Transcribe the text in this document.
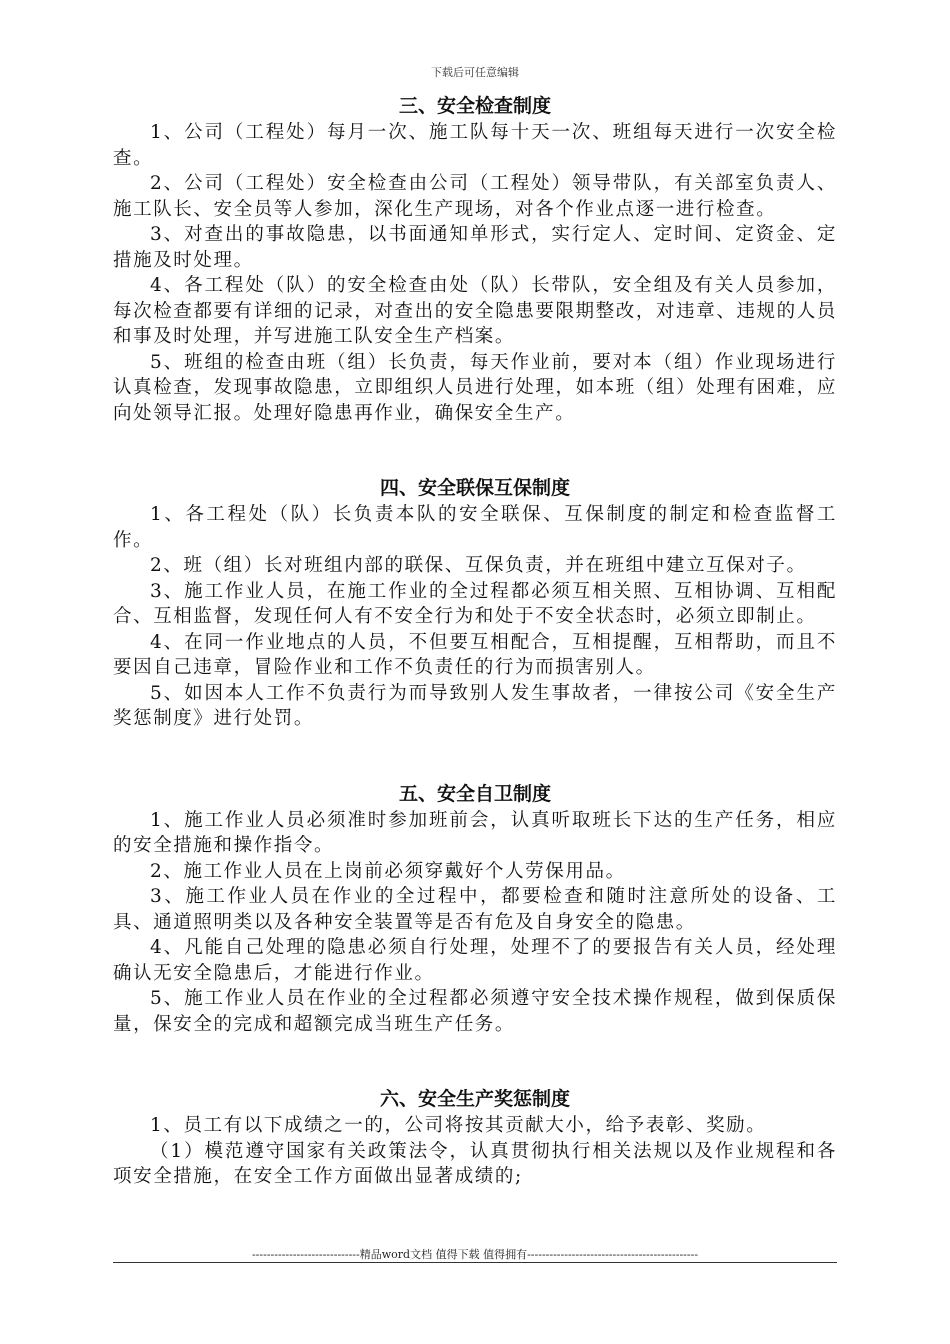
下载后可任意编辑
三、安全检查制度

1、公司（工程处）每月一次、施工队每十天一次、班组每天进行一次安全检查。

2、公司（工程处）安全检查由公司（工程处）领导带队，有关部室负责人、施工队长、安全员等人参加，深化生产现场，对各个作业点逐一进行检查。

3、对查出的事故隐患，以书面通知单形式，实行定人、定时间、定资金、定措施及时处理。

4、各工程处（队）的安全检查由处（队）长带队，安全组及有关人员参加，每次检查都要有详细的记录，对查出的安全隐患要限期整改，对违章、违规的人员和事及时处理，并写进施工队安全生产档案。

5、班组的检查由班（组）长负责，每天作业前，要对本（组）作业现场进行认真检查，发现事故隐患，立即组织人员进行处理，如本班（组）处理有困难，应向处领导汇报。处理好隐患再作业，确保安全生产。

四、安全联保互保制度

1、各工程处（队）长负责本队的安全联保、互保制度的制定和检查监督工作。

2、班（组）长对班组内部的联保、互保负责，并在班组中建立互保对子。

3、施工作业人员，在施工作业的全过程都必须互相关照、互相协调、互相配合、互相监督，发现任何人有不安全行为和处于不安全状态时，必须立即制止。

4、在同一作业地点的人员，不但要互相配合，互相提醒，互相帮助，而且不要因自己违章，冒险作业和工作不负责任的行为而损害别人。

5、如因本人工作不负责行为而导致别人发生事故者，一律按公司《安全生产奖惩制度》进行处罚。

五、安全自卫制度

1、施工作业人员必须准时参加班前会，认真听取班长下达的生产任务，相应的安全措施和操作指令。

2、施工作业人员在上岗前必须穿戴好个人劳保用品。

3、施工作业人员在作业的全过程中，都要检查和随时注意所处的设备、工具、通道照明类以及各种安全装置等是否有危及自身安全的隐患。

4、凡能自己处理的隐患必须自行处理，处理不了的要报告有关人员，经处理确认无安全隐患后，才能进行作业。

5、施工作业人员在作业的全过程都必须遵守安全技术操作规程，做到保质保量，保安全的完成和超额完成当班生产任务。

六、安全生产奖惩制度

1、员工有以下成绩之一的，公司将按其贡献大小，给予表彰、奖励。

（1）模范遵守国家有关政策法令，认真贯彻执行相关法规以及作业规程和各项安全措施，在安全工作方面做出显著成绩的;

-----------------------------精品word文档 值得下载 值得拥有----------------------------------------------
